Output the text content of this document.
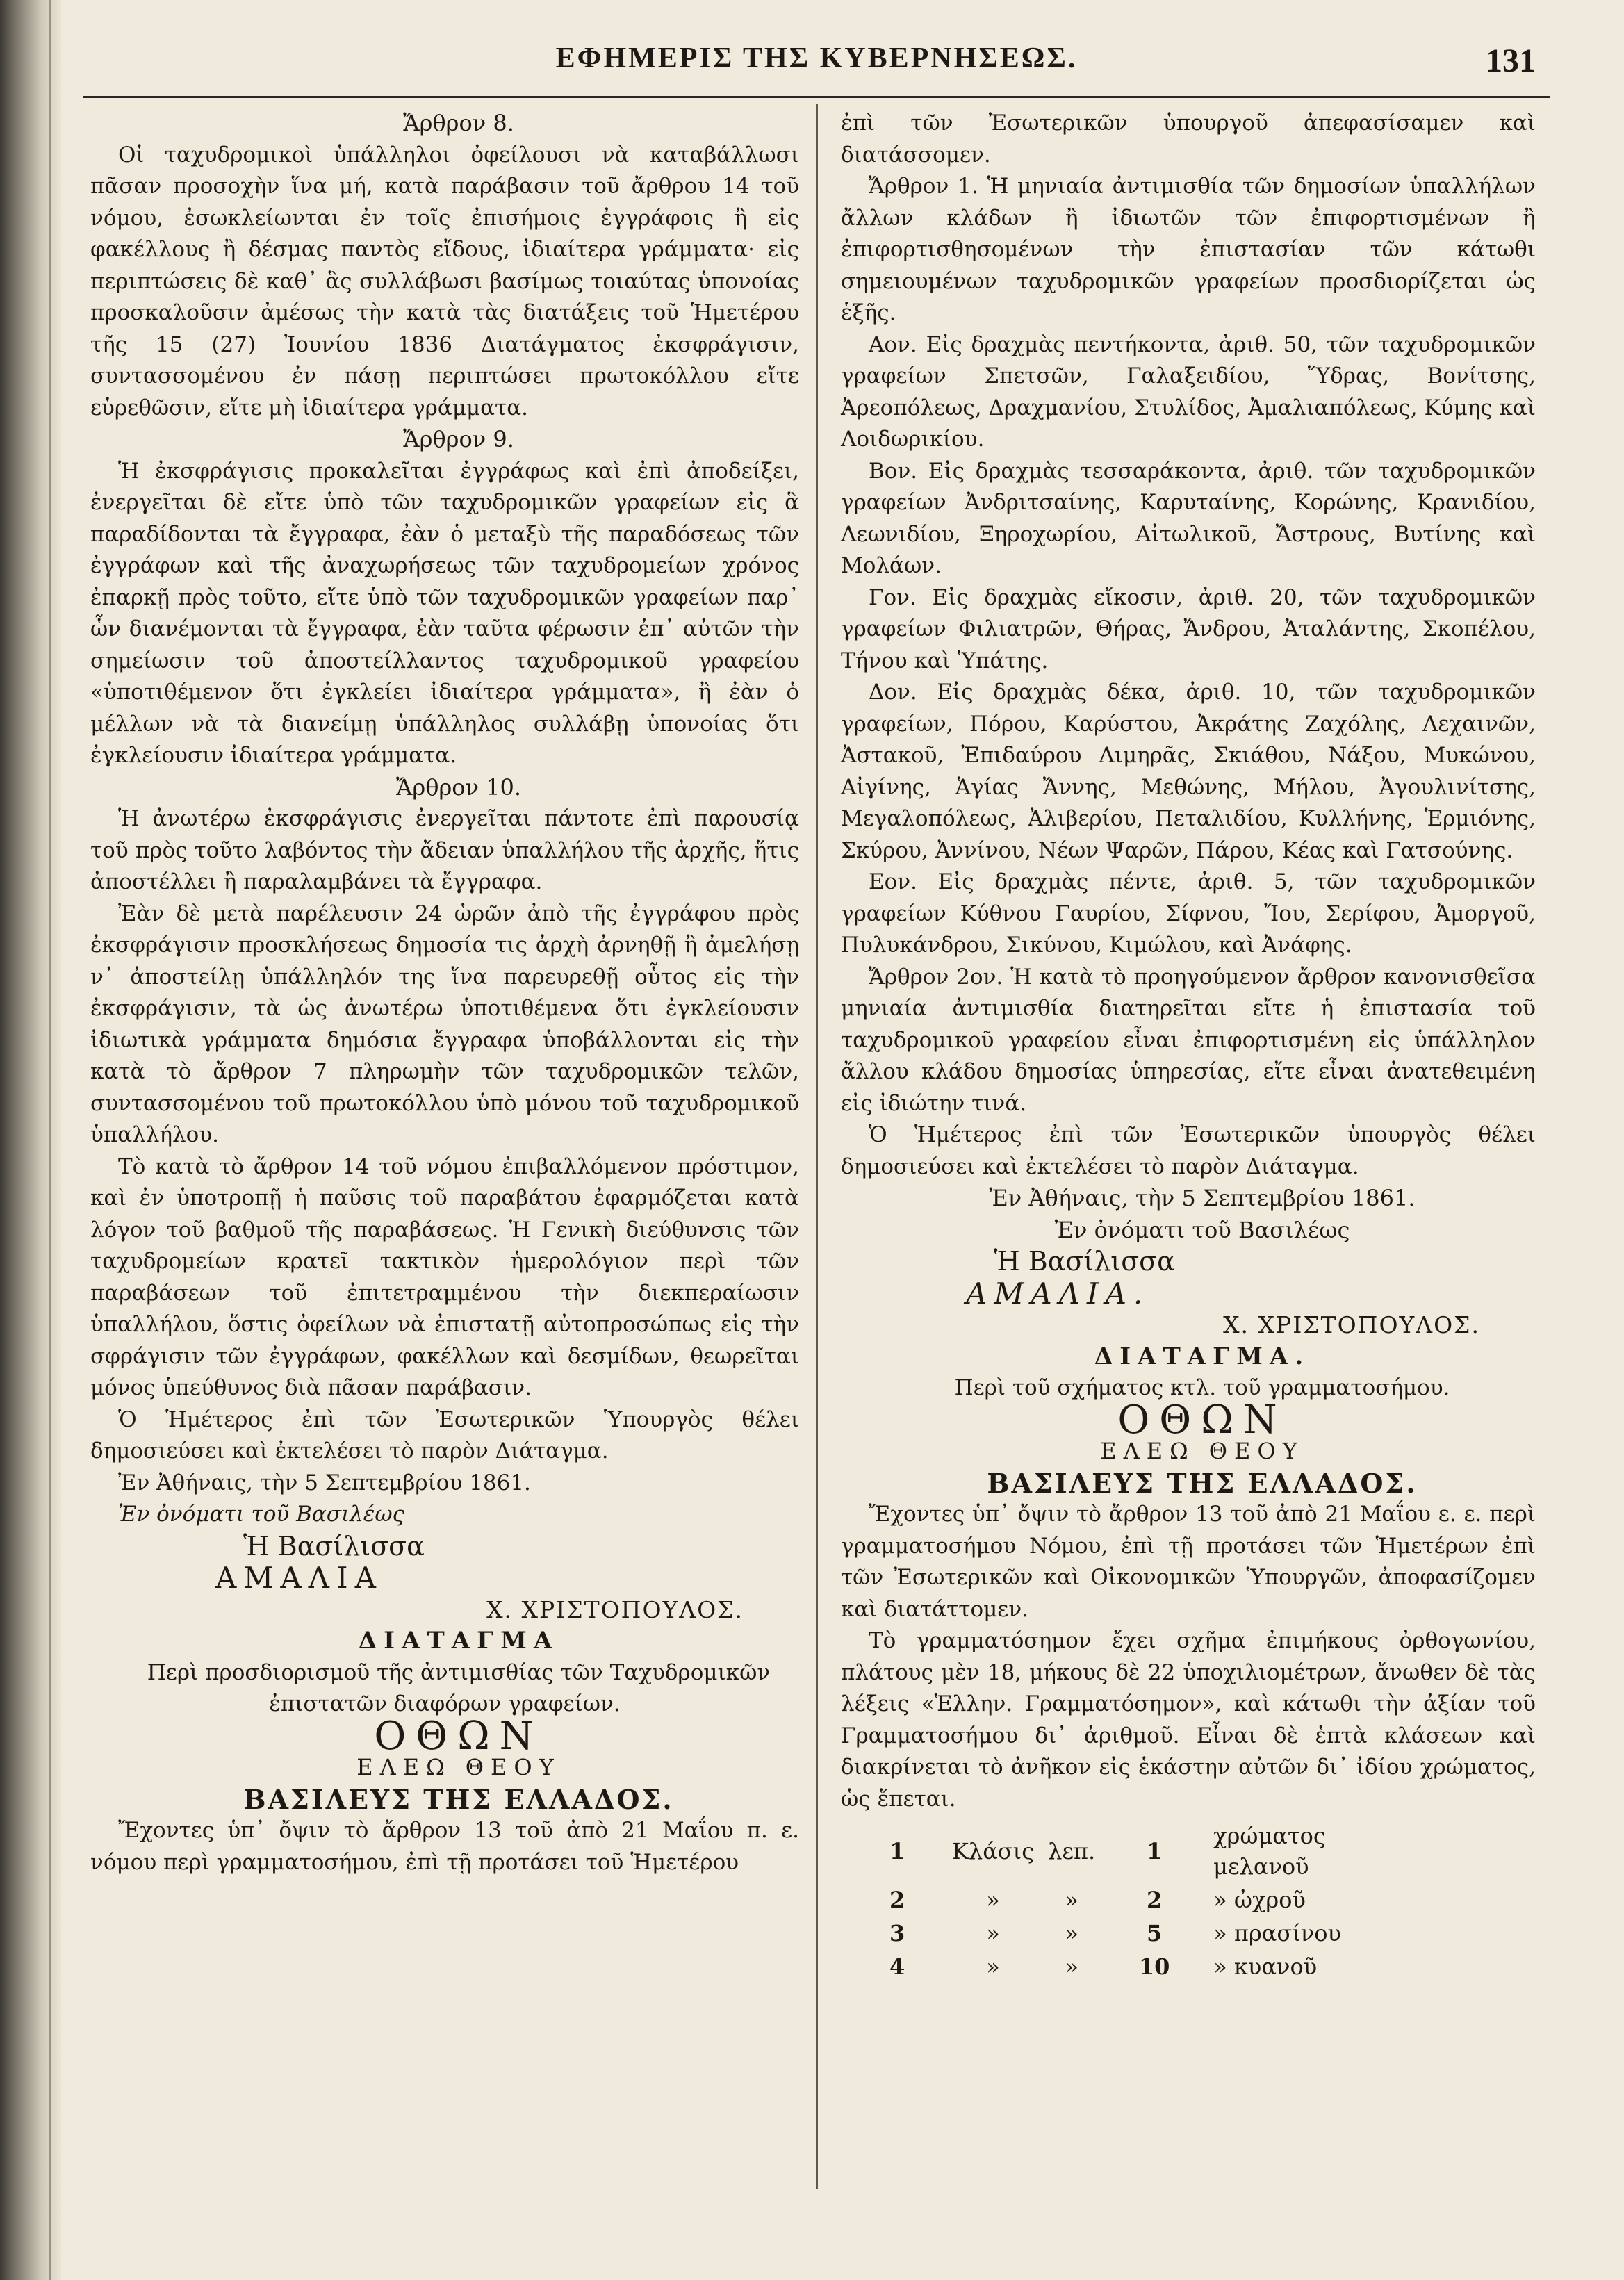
ΕΦΗΜΕΡΙΣ ΤΗΣ ΚΥΒΕΡΝΗΣΕΩΣ.	131

Ἄρθρον 8.

Οἱ ταχυδρομικοὶ ὑπάλληλοι ὀφείλουσι νὰ καταβάλλωσι πᾶσαν προσοχὴν ἵνα μή, κατὰ παράβασιν τοῦ ἄρθρου 14 τοῦ νόμου, ἐσωκλείωνται ἐν τοῖς ἐπισήμοις ἐγγράφοις ἢ εἰς φακέλλους ἢ δέσμας παντὸς εἴδους, ἰδιαίτερα γράμματα· εἰς περιπτώσεις δὲ καθ᾽ ἃς συλλάβωσι βασίμως τοιαύτας ὑπονοίας προσκαλοῦσιν ἀμέσως τὴν κατὰ τὰς διατάξεις τοῦ Ἡμετέρου τῆς 15 (27) Ἰουνίου 1836 Διατάγματος ἐκσφράγισιν, συντασσομένου ἐν πάσῃ περιπτώσει πρωτοκόλλου εἴτε εὑρεθῶσιν, εἴτε μὴ ἰδιαίτερα γράμματα.

Ἄρθρον 9.

Ἡ ἐκσφράγισις προκαλεῖται ἐγγράφως καὶ ἐπὶ ἀποδείξει, ἐνεργεῖται δὲ εἴτε ὑπὸ τῶν ταχυδρομικῶν γραφείων εἰς ἃ παραδίδονται τὰ ἔγγραφα, ἐὰν ὁ μεταξὺ τῆς παραδόσεως τῶν ἐγγράφων καὶ τῆς ἀναχωρήσεως τῶν ταχυδρομείων χρόνος ἐπαρκῇ πρὸς τοῦτο, εἴτε ὑπὸ τῶν ταχυδρομικῶν γραφείων παρ᾽ ὧν διανέμονται τὰ ἔγγραφα, ἐὰν ταῦτα φέρωσιν ἐπ᾽ αὐτῶν τὴν σημείωσιν τοῦ ἀποστείλλαντος ταχυδρομικοῦ γραφείου «ὑποτιθέμενον ὅτι ἐγκλείει ἰδιαίτερα γράμματα», ἢ ἐὰν ὁ μέλλων νὰ τὰ διανείμῃ ὑπάλληλος συλλάβῃ ὑπονοίας ὅτι ἐγκλείουσιν ἰδιαίτερα γράμματα.

Ἄρθρον 10.

Ἡ ἀνωτέρω ἐκσφράγισις ἐνεργεῖται πάντοτε ἐπὶ παρουσίᾳ τοῦ πρὸς τοῦτο λαβόντος τὴν ἄδειαν ὑπαλλήλου τῆς ἀρχῆς, ἥτις ἀποστέλλει ἢ παραλαμβάνει τὰ ἔγγραφα.

Ἐὰν δὲ μετὰ παρέλευσιν 24 ὡρῶν ἀπὸ τῆς ἐγγράφου πρὸς ἐκσφράγισιν προσκλήσεως δημοσία τις ἀρχὴ ἀρνηθῇ ἢ ἀμελήσῃ ν᾽ ἀποστείλῃ ὑπάλληλόν της ἵνα παρευρεθῇ οὗτος εἰς τὴν ἐκσφράγισιν, τὰ ὡς ἀνωτέρω ὑποτιθέμενα ὅτι ἐγκλείουσιν ἰδιωτικὰ γράμματα δημόσια ἔγγραφα ὑποβάλλονται εἰς τὴν κατὰ τὸ ἄρθρον 7 πληρωμὴν τῶν ταχυδρομικῶν τελῶν, συντασσομένου τοῦ πρωτοκόλλου ὑπὸ μόνου τοῦ ταχυδρομικοῦ ὑπαλλήλου.

Τὸ κατὰ τὸ ἄρθρον 14 τοῦ νόμου ἐπιβαλλόμενον πρόστιμον, καὶ ἐν ὑποτροπῇ ἡ παῦσις τοῦ παραβάτου ἐφαρμόζεται κατὰ λόγον τοῦ βαθμοῦ τῆς παραβάσεως. Ἡ Γενικὴ διεύθυνσις τῶν ταχυδρομείων κρατεῖ τακτικὸν ἡμερολόγιον περὶ τῶν παραβάσεων τοῦ ἐπιτετραμμένου τὴν διεκπεραίωσιν ὑπαλλήλου, ὅστις ὀφείλων νὰ ἐπιστατῇ αὐτοπροσώπως εἰς τὴν σφράγισιν τῶν ἐγγράφων, φακέλλων καὶ δεσμίδων, θεωρεῖται μόνος ὑπεύθυνος διὰ πᾶσαν παράβασιν.

Ὁ Ἡμέτερος ἐπὶ τῶν Ἐσωτερικῶν Ὑπουργὸς θέλει δημοσιεύσει καὶ ἐκτελέσει τὸ παρὸν Διάταγμα.

Ἐν Ἀθήναις, τὴν 5 Σεπτεμβρίου 1861.

Ἐν ὀνόματι τοῦ Βασιλέως

Ἡ Βασίλισσα

ΑΜΑΛΙΑ

Χ. ΧΡΙΣΤΟΠΟΥΛΟΣ.

ΔΙΑΤΑΓΜΑ

Περὶ προσδιορισμοῦ τῆς ἀντιμισθίας τῶν Ταχυδρομικῶν ἐπιστατῶν διαφόρων γραφείων.

ΟΘΩΝ

ΕΛΕΩ ΘΕΟΥ

ΒΑΣΙΛΕΥΣ ΤΗΣ ΕΛΛΑΔΟΣ.

Ἔχοντες ὑπ᾽ ὄψιν τὸ ἄρθρον 13 τοῦ ἀπὸ 21 Μαΐου π. ε. νόμου περὶ γραμματοσήμου, ἐπὶ τῇ προτάσει τοῦ Ἡμετέρου

ἐπὶ τῶν Ἐσωτερικῶν ὑπουργοῦ ἀπεφασίσαμεν καὶ διατάσσομεν.

Ἄρθρον 1. Ἡ μηνιαία ἀντιμισθία τῶν δημοσίων ὑπαλλήλων ἄλλων κλάδων ἢ ἰδιωτῶν τῶν ἐπιφορτισμένων ἢ ἐπιφορτισθησομένων τὴν ἐπιστασίαν τῶν κάτωθι σημειουμένων ταχυδρομικῶν γραφείων προσδιορίζεται ὡς ἑξῆς.

Αον. Εἰς δραχμὰς πεντήκοντα, ἀριθ. 50, τῶν ταχυδρομικῶν γραφείων Σπετσῶν, Γαλαξειδίου, Ὕδρας, Βονίτσης, Ἀρεοπόλεως, Δραχμανίου, Στυλίδος, Ἀμαλιαπόλεως, Κύμης καὶ Λοιδωρικίου.

Βον. Εἰς δραχμὰς τεσσαράκοντα, ἀριθ. τῶν ταχυδρομικῶν γραφείων Ἀνδριτσαίνης, Καρυταίνης, Κορώνης, Κρανιδίου, Λεωνιδίου, Ξηροχωρίου, Αἰτωλικοῦ, Ἄστρους, Βυτίνης καὶ Μολάων.

Γον. Εἰς δραχμὰς εἴκοσιν, ἀριθ. 20, τῶν ταχυδρομικῶν γραφείων Φιλιατρῶν, Θήρας, Ἄνδρου, Ἀταλάντης, Σκοπέλου, Τήνου καὶ Ὑπάτης.

Δον. Εἰς δραχμὰς δέκα, ἀριθ. 10, τῶν ταχυδρομικῶν γραφείων, Πόρου, Καρύστου, Ἀκράτης Ζαχόλης, Λεχαινῶν, Ἀστακοῦ, Ἐπιδαύρου Λιμηρᾶς, Σκιάθου, Νάξου, Μυκώνου, Αἰγίνης, Ἁγίας Ἄννης, Μεθώνης, Μήλου, Ἀγουλινίτσης, Μεγαλοπόλεως, Ἀλιβερίου, Πεταλιδίου, Κυλλήνης, Ἑρμιόνης, Σκύρου, Ἀννίνου, Νέων Ψαρῶν, Πάρου, Κέας καὶ Γατσούνης.

Εον. Εἰς δραχμὰς πέντε, ἀριθ. 5, τῶν ταχυδρομικῶν γραφείων Κύθνου Γαυρίου, Σίφνου, Ἴου, Σερίφου, Ἀμοργοῦ, Πυλυκάνδρου, Σικύνου, Κιμώλου, καὶ Ἀνάφης.

Ἄρθρον 2ον. Ἡ κατὰ τὸ προηγούμενον ἄρθρον κανονισθεῖσα μηνιαία ἀντιμισθία διατηρεῖται εἴτε ἡ ἐπιστασία τοῦ ταχυδρομικοῦ γραφείου εἶναι ἐπιφορτισμένη εἰς ὑπάλληλον ἄλλου κλάδου δημοσίας ὑπηρεσίας, εἴτε εἶναι ἀνατεθειμένη εἰς ἰδιώτην τινά.

Ὁ Ἡμέτερος ἐπὶ τῶν Ἐσωτερικῶν ὑπουργὸς θέλει δημοσιεύσει καὶ ἐκτελέσει τὸ παρὸν Διάταγμα.

Ἐν Ἀθήναις, τὴν 5 Σεπτεμβρίου 1861.

Ἐν ὀνόματι τοῦ Βασιλέως

Ἡ Βασίλισσα

ΑΜΑΛΙΑ.

Χ. ΧΡΙΣΤΟΠΟΥΛΟΣ.

ΔΙΑΤΑΓΜΑ.

Περὶ τοῦ σχήματος κτλ. τοῦ γραμματοσήμου.

ΟΘΩΝ

ΕΛΕΩ ΘΕΟΥ

ΒΑΣΙΛΕΥΣ ΤΗΣ ΕΛΛΑΔΟΣ.

Ἔχοντες ὑπ᾽ ὄψιν τὸ ἄρθρον 13 τοῦ ἀπὸ 21 Μαΐου ε. ε. περὶ γραμματοσήμου Νόμου, ἐπὶ τῇ προτάσει τῶν Ἡμετέρων ἐπὶ τῶν Ἐσωτερικῶν καὶ Οἰκονομικῶν Ὑπουργῶν, ἀποφασίζομεν καὶ διατάττομεν.

Τὸ γραμματόσημον ἔχει σχῆμα ἐπιμήκους ὀρθογωνίου, πλάτους μὲν 18, μήκους δὲ 22 ὑποχιλιομέτρων, ἄνωθεν δὲ τὰς λέξεις «Ἑλλην. Γραμματόσημον», καὶ κάτωθι τὴν ἀξίαν τοῦ Γραμματοσήμου δι᾽ ἀριθμοῦ. Εἶναι δὲ ἑπτὰ κλάσεων καὶ διακρίνεται τὸ ἀνῆκον εἰς ἑκάστην αὐτῶν δι᾽ ἰδίου χρώματος, ὡς ἕπεται.

1	Κλάσις	λεπ.	1	χρώματος μελανοῦ
2	»	»	2	» ὠχροῦ
3	»	»	5	» πρασίνου
4	»	»	10	» κυανοῦ
